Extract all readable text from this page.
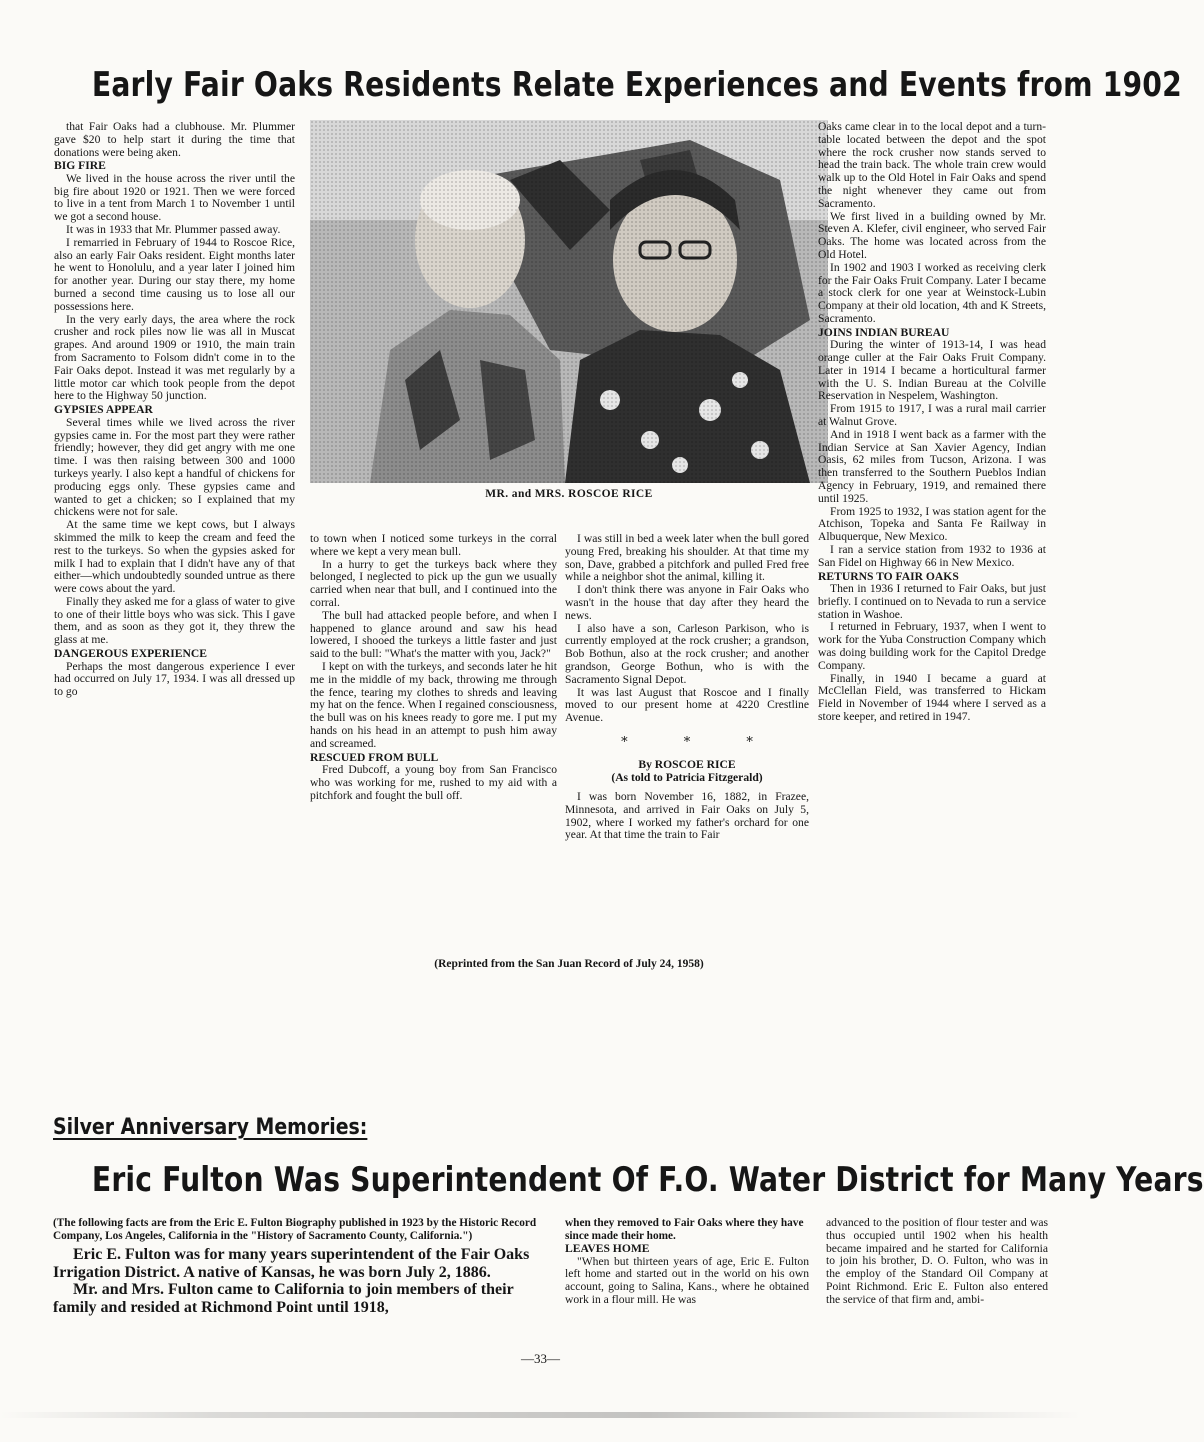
Early Fair Oaks Residents Relate Experiences and Events from 1902

that Fair Oaks had a clubhouse. Mr. Plummer gave $20 to help start it during the time that donations were being aken.

BIG FIRE

We lived in the house across the river until the big fire about 1920 or 1921. Then we were forced to live in a tent from March 1 to November 1 until we got a second house.

It was in 1933 that Mr. Plummer passed away.

I remarried in February of 1944 to Roscoe Rice, also an early Fair Oaks resident. Eight months later he went to Honolulu, and a year later I joined him for another year. During our stay there, my home burned a second time causing us to lose all our possessions here.

In the very early days, the area where the rock crusher and rock piles now lie was all in Muscat grapes. And around 1909 or 1910, the main train from Sacramento to Folsom didn't come in to the Fair Oaks depot. Instead it was met regularly by a little motor car which took people from the depot here to the Highway 50 junction.

GYPSIES APPEAR

Several times while we lived across the river gypsies came in. For the most part they were rather friendly; however, they did get angry with me one time. I was then raising between 300 and 1000 turkeys yearly. I also kept a handful of chickens for producing eggs only. These gypsies came and wanted to get a chicken; so I explained that my chickens were not for sale.

At the same time we kept cows, but I always skimmed the milk to keep the cream and feed the rest to the turkeys. So when the gypsies asked for milk I had to explain that I didn't have any of that either—which undoubtedly sounded untrue as there were cows about the yard.

Finally they asked me for a glass of water to give to one of their little boys who was sick. This I gave them, and as soon as they got it, they threw the glass at me.

DANGEROUS EXPERIENCE

Perhaps the most dangerous experience I ever had occurred on July 17, 1934. I was all dressed up to go

MR. and MRS. ROSCOE RICE

to town when I noticed some turkeys in the corral where we kept a very mean bull.

In a hurry to get the turkeys back where they belonged, I neglected to pick up the gun we usually carried when near that bull, and I continued into the corral.

The bull had attacked people before, and when I happened to glance around and saw his head lowered, I shooed the turkeys a little faster and just said to the bull: "What's the matter with you, Jack?"

I kept on with the turkeys, and seconds later he hit me in the middle of my back, throwing me through the fence, tearing my clothes to shreds and leaving my hat on the fence. When I regained consciousness, the bull was on his knees ready to gore me. I put my hands on his head in an attempt to push him away and screamed.

RESCUED FROM BULL

Fred Dubcoff, a young boy from San Francisco who was working for me, rushed to my aid with a pitchfork and fought the bull off.

I was still in bed a week later when the bull gored young Fred, breaking his shoulder. At that time my son, Dave, grabbed a pitchfork and pulled Fred free while a neighbor shot the animal, killing it.

I don't think there was anyone in Fair Oaks who wasn't in the house that day after they heard the news.

I also have a son, Carleson Parkison, who is currently employed at the rock crusher; a grandson, Bob Bothun, also at the rock crusher; and another grandson, George Bothun, who is with the Sacramento Signal Depot.

It was last August that Roscoe and I finally moved to our present home at 4220 Crestline Avenue.

* * *
By ROSCOE RICE
(As told to Patricia Fitzgerald)

I was born November 16, 1882, in Frazee, Minnesota, and arrived in Fair Oaks on July 5, 1902, where I worked my father's orchard for one year. At that time the train to Fair

Oaks came clear in to the local depot and a turn-table located between the depot and the spot where the rock crusher now stands served to head the train back. The whole train crew would walk up to the Old Hotel in Fair Oaks and spend the night whenever they came out from Sacramento.

We first lived in a building owned by Mr. Steven A. Klefer, civil engineer, who served Fair Oaks. The home was located across from the Old Hotel.

In 1902 and 1903 I worked as receiving clerk for the Fair Oaks Fruit Company. Later I became a stock clerk for one year at Weinstock-Lubin Company at their old location, 4th and K Streets, Sacramento.

JOINS INDIAN BUREAU

During the winter of 1913-14, I was head orange culler at the Fair Oaks Fruit Company. Later in 1914 I became a horticultural farmer with the U. S. Indian Bureau at the Colville Reservation in Nespelem, Washington.

From 1915 to 1917, I was a rural mail carrier at Walnut Grove.

And in 1918 I went back as a farmer with the Indian Service at San Xavier Agency, Indian Oasis, 62 miles from Tucson, Arizona. I was then transferred to the Southern Pueblos Indian Agency in February, 1919, and remained there until 1925.

From 1925 to 1932, I was station agent for the Atchison, Topeka and Santa Fe Railway in Albuquerque, New Mexico.

I ran a service station from 1932 to 1936 at San Fidel on Highway 66 in New Mexico.

RETURNS TO FAIR OAKS

Then in 1936 I returned to Fair Oaks, but just briefly. I continued on to Nevada to run a service station in Washoe.

I returned in February, 1937, when I went to work for the Yuba Construction Company which was doing building work for the Capitol Dredge Company.

Finally, in 1940 I became a guard at McClellan Field, was transferred to Hickam Field in November of 1944 where I served as a store keeper, and retired in 1947.

(Reprinted from the San Juan Record of July 24, 1958)
Silver Anniversary Memories:
Eric Fulton Was Superintendent Of F.O. Water District for Many Years

(The following facts are from the Eric E. Fulton Biography published in 1923 by the Historic Record Company, Los Angeles, California in the "History of Sacramento County, California.")

Eric E. Fulton was for many years superintendent of the Fair Oaks Irrigation District. A native of Kansas, he was born July 2, 1886.

Mr. and Mrs. Fulton came to California to join members of their family and resided at Richmond Point until 1918,

when they removed to Fair Oaks where they have since made their home.

LEAVES HOME

"When but thirteen years of age, Eric E. Fulton left home and started out in the world on his own account, going to Salina, Kans., where he obtained work in a flour mill. He was

advanced to the position of flour tester and was thus occupied until 1902 when his health became impaired and he started for California to join his brother, D. O. Fulton, who was in the employ of the Standard Oil Company at Point Richmond. Eric E. Fulton also entered the service of that firm and, ambi-

—33—
